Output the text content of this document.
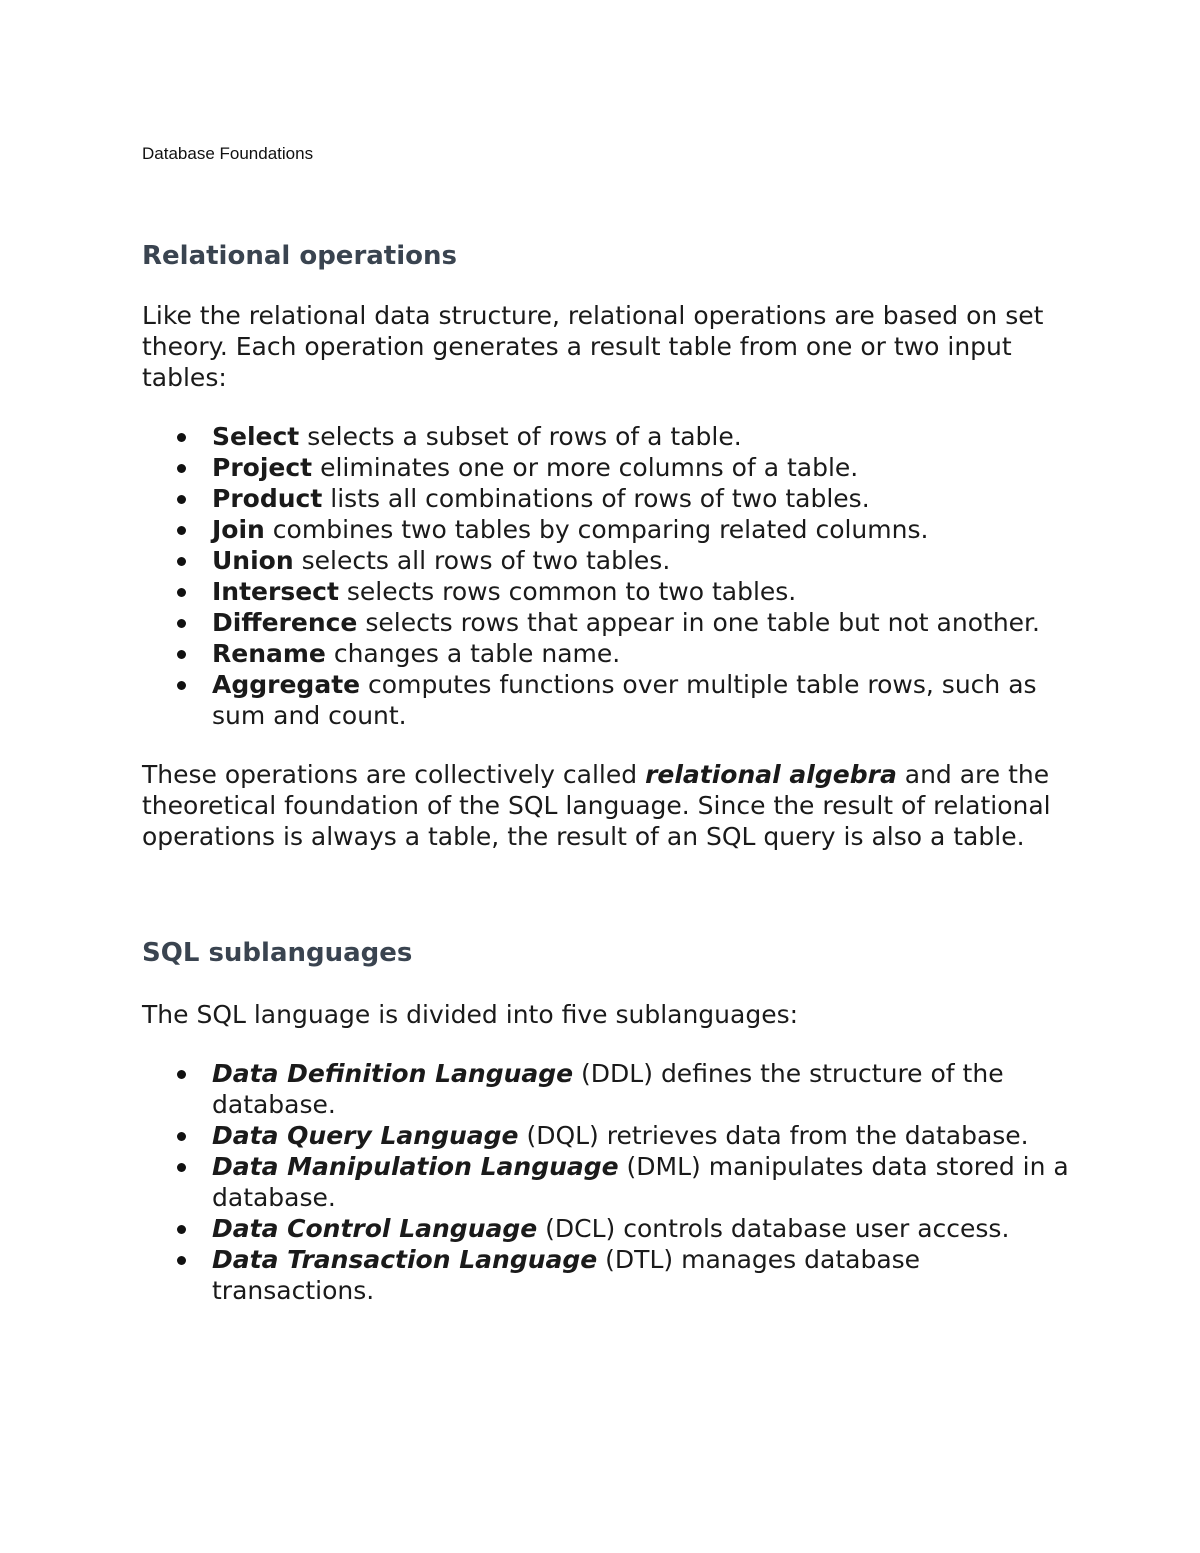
Database Foundations
Relational operations

Like the relational data structure, relational operations are based on set theory. Each operation generates a result table from one or two input tables:

Select selects a subset of rows of a table.
Project eliminates one or more columns of a table.
Product lists all combinations of rows of two tables.
Join combines two tables by comparing related columns.
Union selects all rows of two tables.
Intersect selects rows common to two tables.
Difference selects rows that appear in one table but not another.
Rename changes a table name.
Aggregate computes functions over multiple table rows, such as sum and count.

These operations are collectively called relational algebra and are the theoretical foundation of the SQL language. Since the result of relational operations is always a table, the result of an SQL query is also a table.

SQL sublanguages

The SQL language is divided into five sublanguages:

Data Definition Language (DDL) defines the structure of the database.
Data Query Language (DQL) retrieves data from the database.
Data Manipulation Language (DML) manipulates data stored in a database.
Data Control Language (DCL) controls database user access.
Data Transaction Language (DTL) manages database transactions.
